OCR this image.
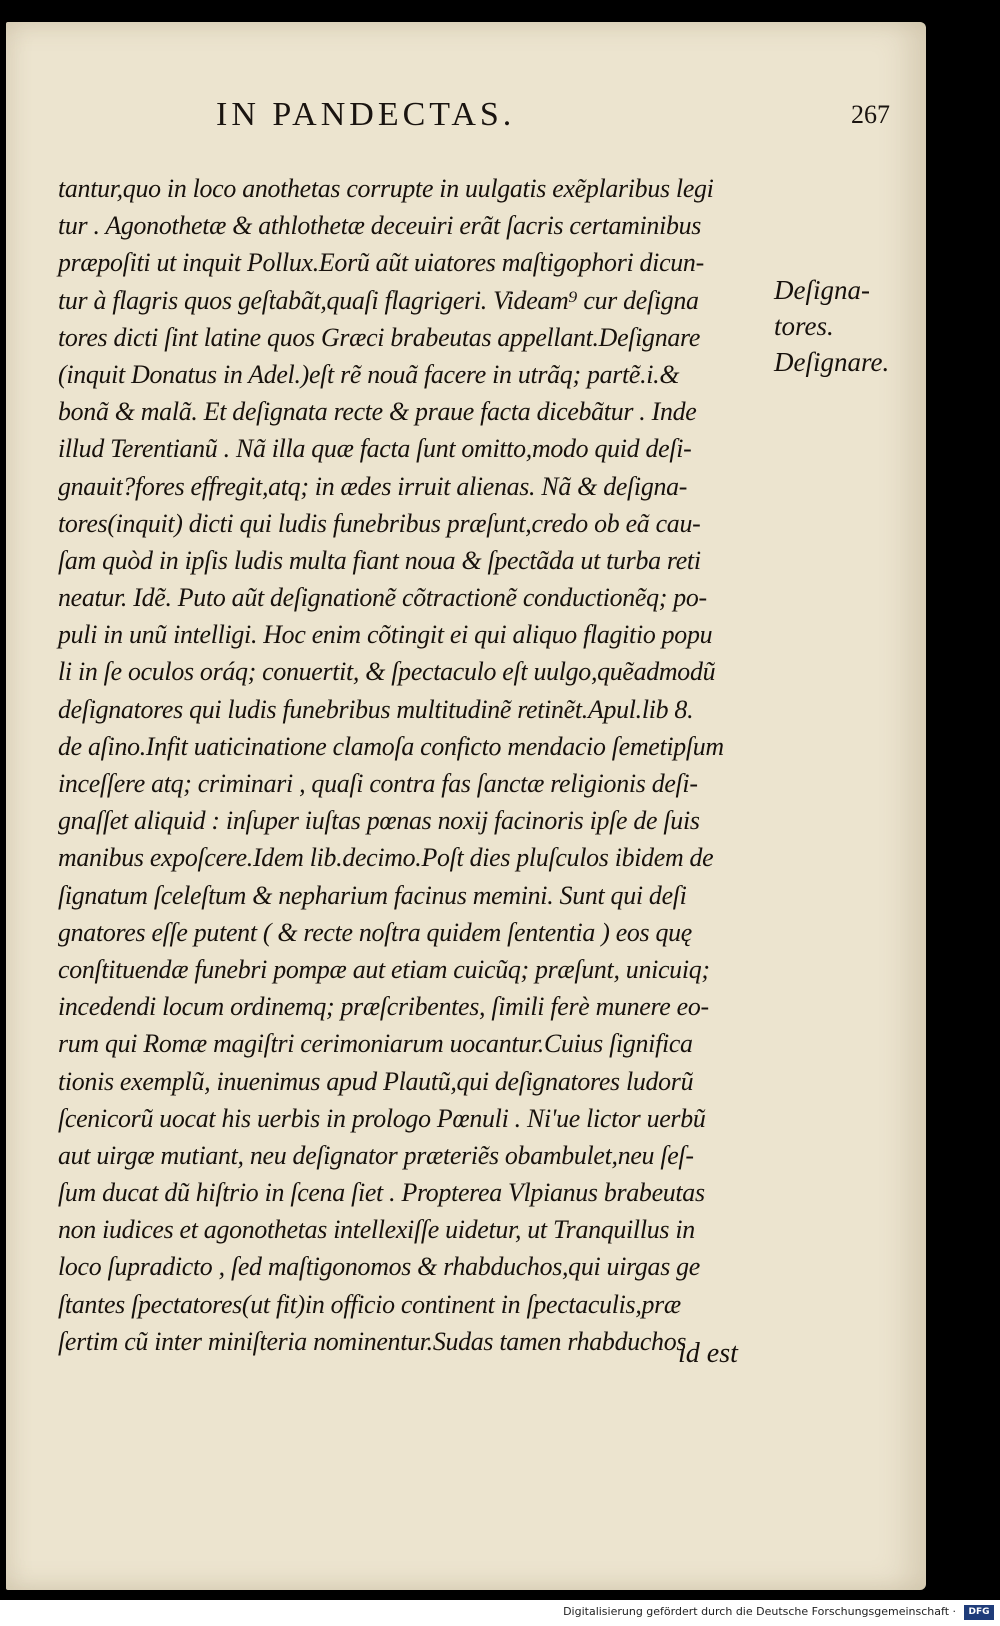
IN PANDECTAS.	267
tantur,quo in loco anothetas corrupte in uulgatis exẽplaribus legi
tur . Agonothetæ & athlothetæ deceuiri erãt ſacris certaminibus
præpoſiti ut inquit Pollux.Eorũ aũt uiatores maſtigophori dicun-
tur à flagris quos geſtabãt,quaſi flagrigeri. Videam⁹ cur deſigna
tores dicti ſint latine quos Græci brabeutas appellant.Deſignare
(inquit Donatus in Adel.)eſt rẽ nouã facere in utrãq; partẽ.i.&
bonã & malã. Et deſignata recte & praue facta dicebãtur . Inde
illud Terentianũ . Nã illa quæ facta ſunt omitto,modo quid deſi-
gnauit?fores effregit,atq; in ædes irruit alienas. Nã & deſigna-
tores(inquit) dicti qui ludis funebribus præſunt,credo ob eã cau-
ſam quòd in ipſis ludis multa fiant noua & ſpectãda ut turba reti
neatur. Idẽ. Puto aũt deſignationẽ cõtractionẽ conductionẽq; po-
puli in unũ intelligi. Hoc enim cõtingit ei qui aliquo flagitio popu
li in ſe oculos oráq; conuertit, & ſpectaculo eſt uulgo,quẽadmodũ
deſignatores qui ludis funebribus multitudinẽ retinẽt.Apul.lib 8.
de aſino.Infit uaticinatione clamoſa confictο mendacio ſemetipſum
inceſſere atq; criminari , quaſi contra fas ſanctæ religionis deſi-
gnaſſet aliquid : inſuper iuſtas pœnas noxij facinoris ipſe de ſuis
manibus expoſcere.Idem lib.decimo.Poſt dies pluſculos ibidem de
ſignatum ſceleſtum & nepharium facinus memini. Sunt qui deſi
gnatores eſſe putent ( & recte noſtra quidem ſententia ) eos quę
conſtituendæ funebri pompæ aut etiam cuicũq; præſunt, unicuiq;
incedendi locum ordinemq; præſcribentes, ſimili ferè munere eo-
rum qui Romæ magiſtri cerimoniarum uocantur.Cuius ſignifica
tionis exemplũ, inuenimus apud Plautũ,qui deſignatores ludorũ
ſcenicorũ uocat his uerbis in prologo Pœnuli . Ni'ue lictor uerbũ
aut uirgæ mutiant, neu deſignator præteriẽs obambulet,neu ſeſ-
ſum ducat dũ hiſtrio in ſcena ſiet . Propterea Vlpianus brabeutas
non iudices et agonothetas intellexiſſe uidetur, ut Tranquillus in
loco ſupradicto , ſed maſtigonomos & rhabduchos,qui uirgas ge
ſtantes ſpectatores(ut fit)in officio continent in ſpectaculis,præ
ſertim cũ inter miniſteria nominentur.Sudas tamen rhabduchos
Deſigna-
tores.
Deſignare.
id est
Digitalisierung gefördert durch die Deutsche Forschungsgemeinschaft ·	DFG
